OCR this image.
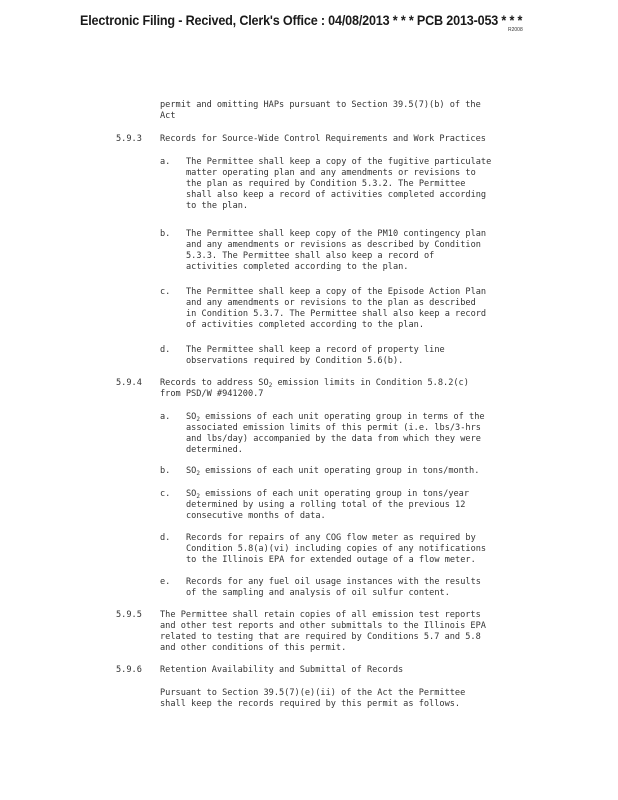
Electronic Filing - Recived, Clerk's Office : 04/08/2013 * * * PCB 2013-053 * * *
R2008
permit and omitting HAPs pursuant to Section 39.5(7)(b) of the
Act
5.9.3 Records for Source-Wide Control Requirements and Work Practices
a. The Permittee shall keep a copy of the fugitive particulate
matter operating plan and any amendments or revisions to
the plan as required by Condition 5.3.2. The Permittee
shall also keep a record of activities completed according
to the plan.
b. The Permittee shall keep copy of the PM10 contingency plan
and any amendments or revisions as described by Condition
5.3.3. The Permittee shall also keep a record of
activities completed according to the plan.
c. The Permittee shall keep a copy of the Episode Action Plan
and any amendments or revisions to the plan as described
in Condition 5.3.7. The Permittee shall also keep a record
of activities completed according to the plan.
d. The Permittee shall keep a record of property line
observations required by Condition 5.6(b).
5.9.4 Records to address $SO_2$ emission limits in Condition 5.8.2(c)
from PSD/W #941200.7
a. $SO_2$ emissions of each unit operating group in terms of the
associated emission limits of this permit (i.e. lbs/3-hrs
and lbs/day) accompanied by the data from which they were
determined.
b. $SO_2$ emissions of each unit operating group in tons/month.
c. $SO_2$ emissions of each unit operating group in tons/year
determined by using a rolling total of the previous 12
consecutive months of data.
d. Records for repairs of any COG flow meter as required by
Condition 5.8(a)(vi) including copies of any notifications
to the Illinois EPA for extended outage of a flow meter.
e. Records for any fuel oil usage instances with the results
of the sampling and analysis of oil sulfur content.
5.9.5 The Permittee shall retain copies of all emission test reports
and other test reports and other submittals to the Illinois EPA
related to testing that are required by Conditions 5.7 and 5.8
and other conditions of this permit.
5.9.6 Retention Availability and Submittal of Records
Pursuant to Section 39.5(7)(e)(ii) of the Act the Permittee
shall keep the records required by this permit as follows.
